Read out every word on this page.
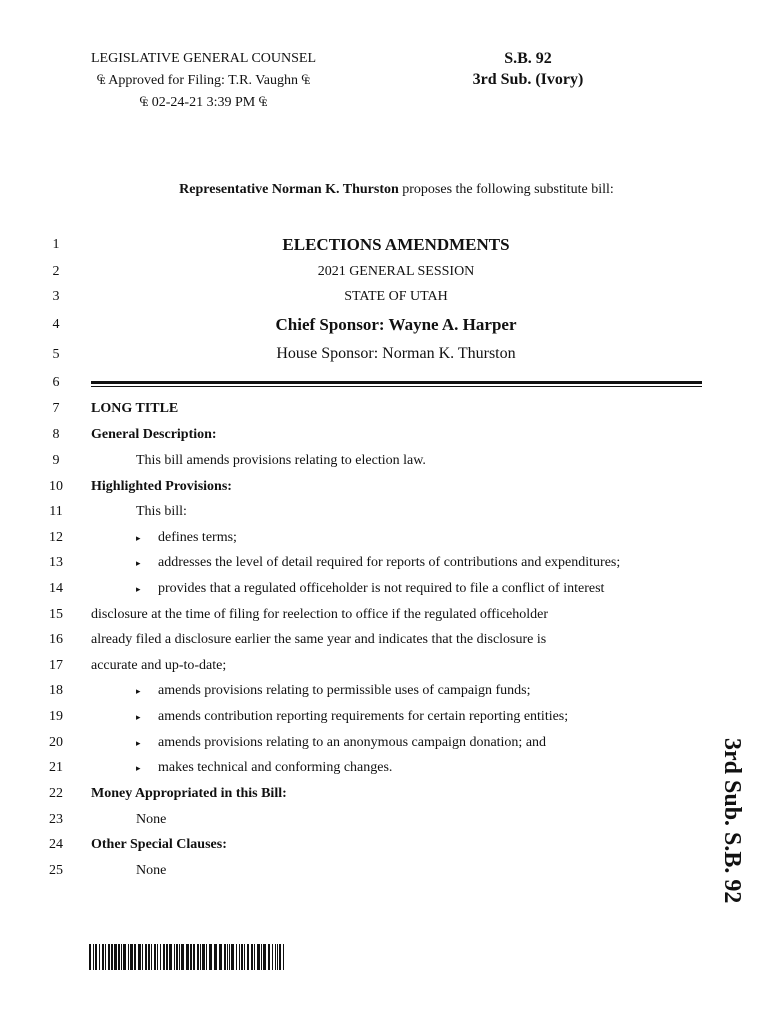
LEGISLATIVE GENERAL COUNSEL
₠ Approved for Filing: T.R. Vaughn ₠
₠ 02-24-21 3:39 PM ₠
S.B. 92
3rd Sub. (Ivory)
Representative Norman K. Thurston proposes the following substitute bill:
1
2
3
4
5
6
7
8
9
10
11
12
13
14
15
16
17
18
19
20
21
22
23
24
25
ELECTIONS AMENDMENTS
2021 GENERAL SESSION
STATE OF UTAH
Chief Sponsor: Wayne A. Harper
House Sponsor: Norman K. Thurston
LONG TITLE
General Description:
This bill amends provisions relating to election law.
Highlighted Provisions:
This bill:
▸ defines terms;
▸ addresses the level of detail required for reports of contributions and expenditures;
▸ provides that a regulated officeholder is not required to file a conflict of interest
disclosure at the time of filing for reelection to office if the regulated officeholder
already filed a disclosure earlier the same year and indicates that the disclosure is
accurate and up-to-date;
▸ amends provisions relating to permissible uses of campaign funds;
▸ amends contribution reporting requirements for certain reporting entities;
▸ amends provisions relating to an anonymous campaign donation; and
▸ makes technical and conforming changes.
Money Appropriated in this Bill:
None
Other Special Clauses:
None	3rd Sub. S.B. 92
